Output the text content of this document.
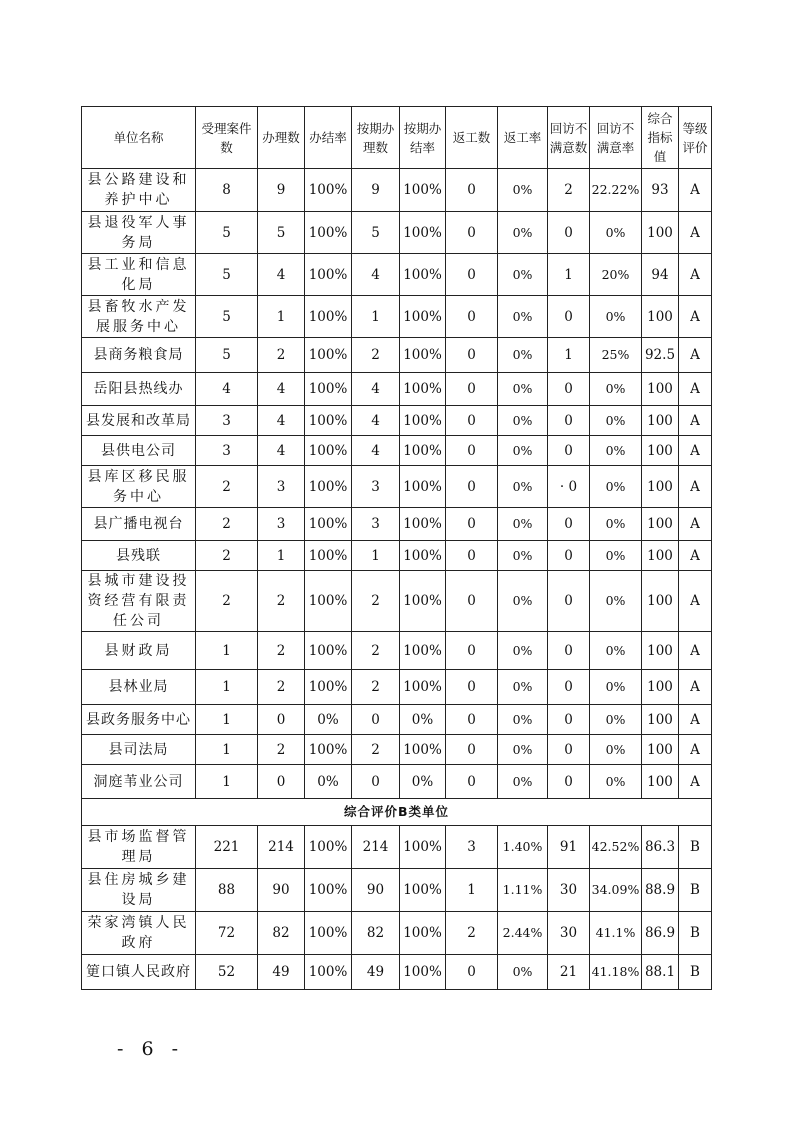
单位名称	受理案件数	办理数	办结率	按期办理数	按期办结率	返工数	返工率	回访不满意数	回访不满意率	综合指标值	等级评价
县公路建设和养护中心	8	9	100%	9	100%	0	0%	2	22.22%	93	A
县退役军人事务局	5	5	100%	5	100%	0	0%	0	0%	100	A
县工业和信息化局	5	4	100%	4	100%	0	0%	1	20%	94	A
县畜牧水产发展服务中心	5	1	100%	1	100%	0	0%	0	0%	100	A
县商务粮食局	5	2	100%	2	100%	0	0%	1	25%	92.5	A
岳阳县热线办	4	4	100%	4	100%	0	0%	0	0%	100	A
县发展和改革局	3	4	100%	4	100%	0	0%	0	0%	100	A
县供电公司	3	4	100%	4	100%	0	0%	0	0%	100	A
县库区移民服务中心	2	3	100%	3	100%	0	0%	· 0	0%	100	A
县广播电视台	2	3	100%	3	100%	0	0%	0	0%	100	A
县残联	2	1	100%	1	100%	0	0%	0	0%	100	A
县城市建设投资经营有限责任公司	2	2	100%	2	100%	0	0%	0	0%	100	A
县财政局	1	2	100%	2	100%	0	0%	0	0%	100	A
县林业局	1	2	100%	2	100%	0	0%	0	0%	100	A
县政务服务中心	1	0	0%	0	0%	0	0%	0	0%	100	A
县司法局	1	2	100%	2	100%	0	0%	0	0%	100	A
洞庭苇业公司	1	0	0%	0	0%	0	0%	0	0%	100	A
综合评价B类单位											
县市场监督管理局	221	214	100%	214	100%	3	1.40%	91	42.52%	86.3	B
县住房城乡建设局	88	90	100%	90	100%	1	1.11%	30	34.09%	88.9	B
荣家湾镇人民政府	72	82	100%	82	100%	2	2.44%	30	41.1%	86.9	B
筻口镇人民政府	52	49	100%	49	100%	0	0%	21	41.18%	88.1	B
- 6 -
